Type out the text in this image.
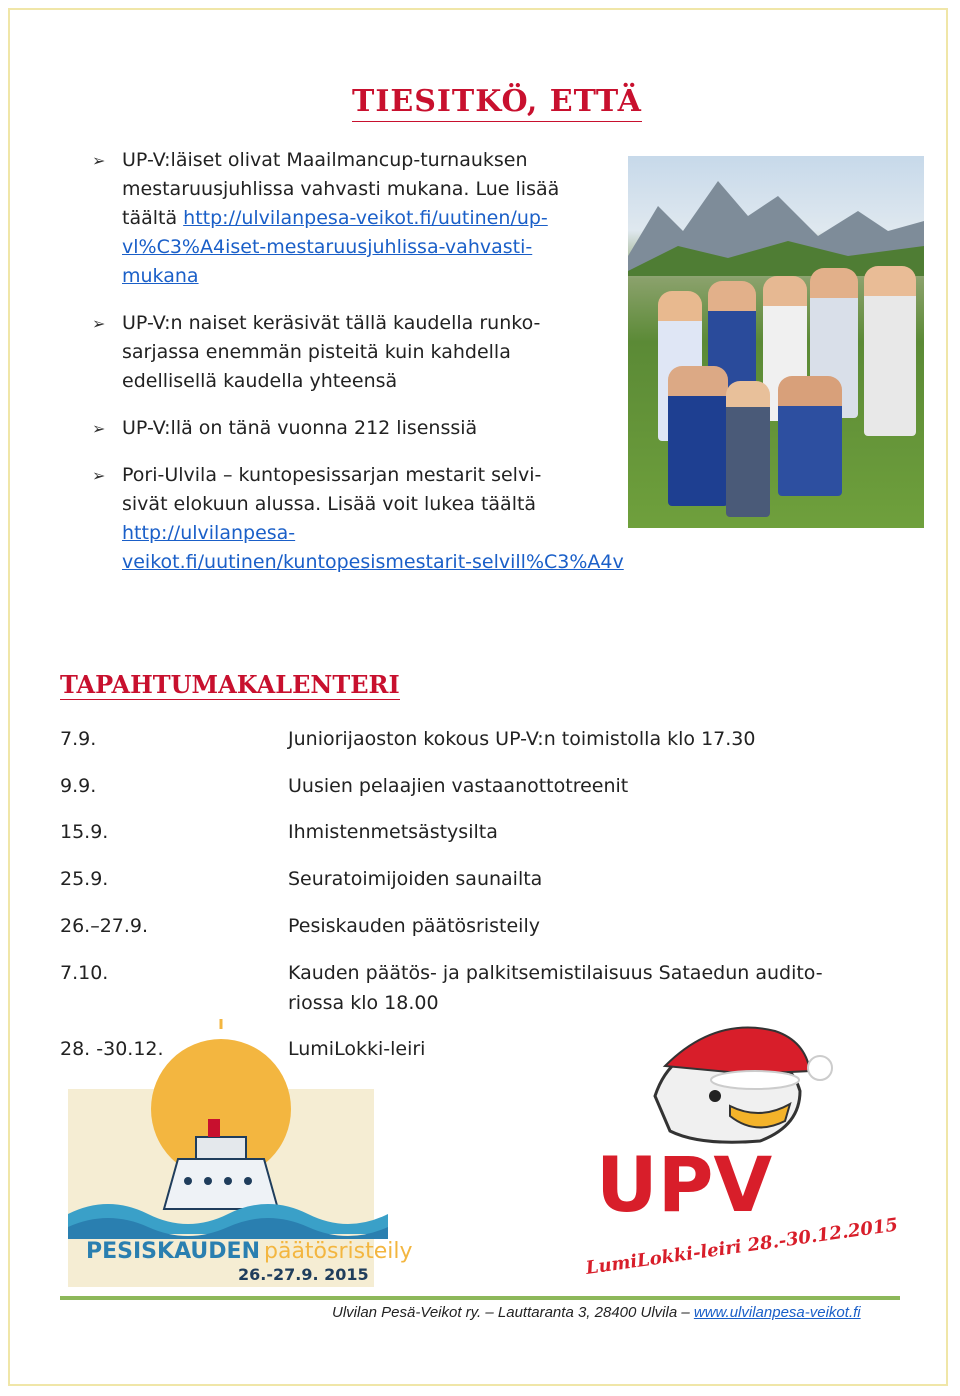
TIESITKÖ, ETTÄ
➢ UP-V:läiset olivat Maailmancup-turnauksen
mestaruusjuhlissa vahvasti mukana. Lue lisää
täältä http://ulvilanpesa-veikot.fi/uutinen/up-
vl%C3%A4iset-mestaruusjuhlissa-vahvasti-
mukana
➢ UP-V:n naiset keräsivät tällä kaudella runko-
sarjassa enemmän pisteitä kuin kahdella
edellisellä kaudella yhteensä
➢ UP-V:llä on tänä vuonna 212 lisenssiä
➢ Pori-Ulvila – kuntopesissarjan mestarit selvi-
sivät elokuun alussa. Lisää voit lukea täältä
http://ulvilanpesa-
veikot.fi/uutinen/kuntopesismestarit-selvill%C3%A4v
TAPAHTUMAKALENTERI
7.9.	Juniorijaoston kokous UP-V:n toimistolla klo 17.30
9.9.	Uusien pelaajien vastaanottotreenit
15.9.	Ihmistenmetsästysilta
25.9.	Seuratoimijoiden saunailta
26.–27.9.	Pesiskauden päätösristeily
7.10.	Kauden päätös- ja palkitsemistilaisuus Sataedun audito-
riossa klo 18.00
28. -30.12.	LumiLokki-leiri
PESISKAUDEN päätösristeily
26.-27.9. 2015
UPV
LumiLokki-leiri 28.-30.12.2015
Ulvilan Pesä-Veikot ry. – Lauttaranta 3, 28400 Ulvila – www.ulvilanpesa-veikot.fi
